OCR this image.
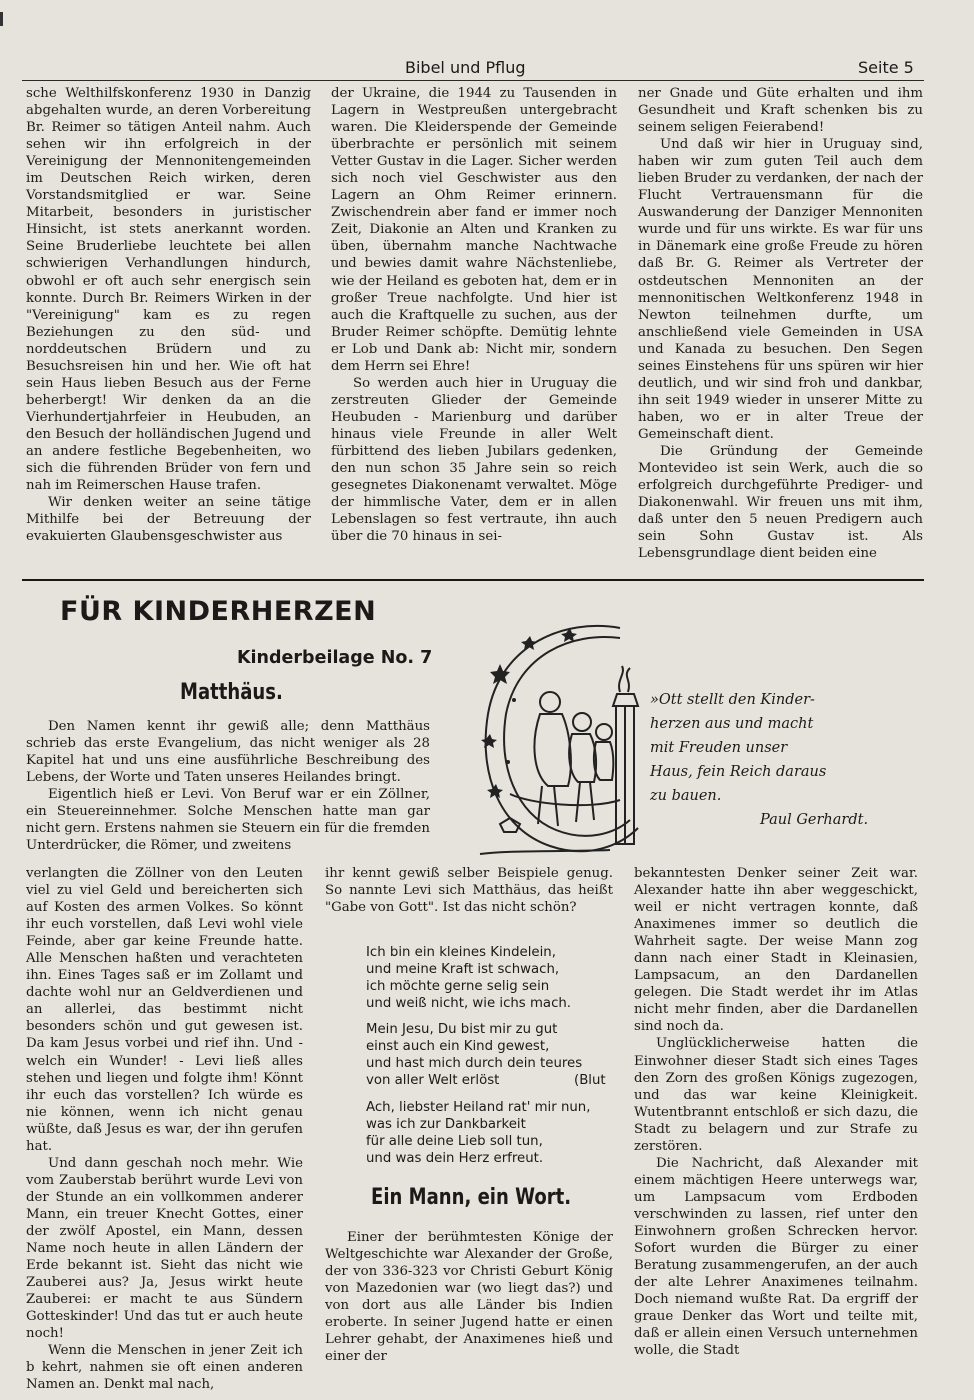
Bibel und Pflug	Seite 5

sche Welthilfskonferenz 1930 in Danzig abgehalten wurde, an deren Vorbereitung Br. Reimer so tätigen Anteil nahm. Auch sehen wir ihn erfolgreich in der Vereinigung der Mennonitengemeinden im Deutschen Reich wirken, deren Vorstandsmitglied er war. Seine Mitarbeit, besonders in juristischer Hinsicht, ist stets anerkannt worden. Seine Bruderliebe leuchtete bei allen schwierigen Verhandlungen hindurch, obwohl er oft auch sehr energisch sein konnte. Durch Br. Reimers Wirken in der "Vereinigung" kam es zu regen Beziehungen zu den süd- und norddeutschen Brüdern und zu Besuchsreisen hin und her. Wie oft hat sein Haus lieben Besuch aus der Ferne beherbergt! Wir denken da an die Vierhundertjahrfeier in Heubuden, an den Besuch der holländischen Jugend und an andere festliche Begebenheiten, wo sich die führenden Brüder von fern und nah im Reimerschen Hause trafen.

Wir denken weiter an seine tätige Mithilfe bei der Betreuung der evakuierten Glaubensgeschwister aus

der Ukraine, die 1944 zu Tausenden in Lagern in Westpreußen untergebracht waren. Die Kleiderspende der Gemeinde überbrachte er persönlich mit seinem Vetter Gustav in die Lager. Sicher werden sich noch viel Geschwister aus den Lagern an Ohm Reimer erinnern. Zwischendrein aber fand er immer noch Zeit, Diakonie an Alten und Kranken zu üben, übernahm manche Nachtwache und bewies damit wahre Nächstenliebe, wie der Heiland es geboten hat, dem er in großer Treue nachfolgte. Und hier ist auch die Kraftquelle zu suchen, aus der Bruder Reimer schöpfte. Demütig lehnte er Lob und Dank ab: Nicht mir, sondern dem Herrn sei Ehre!

So werden auch hier in Uruguay die zerstreuten Glieder der Gemeinde Heubuden - Marienburg und darüber hinaus viele Freunde in aller Welt fürbittend des lieben Jubilars gedenken, den nun schon 35 Jahre sein so reich gesegnetes Diakonenamt verwaltet. Möge der himmlische Vater, dem er in allen Lebenslagen so fest vertraute, ihn auch über die 70 hinaus in sei-

ner Gnade und Güte erhalten und ihm Gesundheit und Kraft schenken bis zu seinem seligen Feierabend!

Und daß wir hier in Uruguay sind, haben wir zum guten Teil auch dem lieben Bruder zu verdanken, der nach der Flucht Vertrauensmann für die Auswanderung der Danziger Mennoniten wurde und für uns wirkte. Es war für uns in Dänemark eine große Freude zu hören daß Br. G. Reimer als Vertreter der ostdeutschen Mennoniten an der mennonitischen Weltkonferenz 1948 in Newton teilnehmen durfte, um anschließend viele Gemeinden in USA und Kanada zu besuchen. Den Segen seines Einstehens für uns spüren wir hier deutlich, und wir sind froh und dankbar, ihn seit 1949 wieder in unserer Mitte zu haben, wo er in alter Treue der Gemeinschaft dient.

Die Gründung der Gemeinde Montevideo ist sein Werk, auch die so erfolgreich durchgeführte Prediger- und Diakonenwahl. Wir freuen uns mit ihm, daß unter den 5 neuen Predigern auch sein Sohn Gustav ist. Als Lebensgrundlage dient beiden eine

FÜR KINDERHERZEN
Kinderbeilage No. 7
Matthäus.

Den Namen kennt ihr gewiß alle; denn Matthäus schrieb das erste Evangelium, das nicht weniger als 28 Kapitel hat und uns eine ausführliche Beschreibung des Lebens, der Worte und Taten unseres Heilandes bringt.

Eigentlich hieß er Levi. Von Beruf war er ein Zöllner, ein Steuereinnehmer. Solche Menschen hatte man gar nicht gern. Erstens nahmen sie Steuern ein für die fremden Unterdrücker, die Römer, und zweitens

verlangten die Zöllner von den Leuten viel zu viel Geld und bereicherten sich auf Kosten des armen Volkes. So könnt ihr euch vorstellen, daß Levi wohl viele Feinde, aber gar keine Freunde hatte. Alle Menschen haßten und verachteten ihn. Eines Tages saß er im Zollamt und dachte wohl nur an Geldverdienen und an allerlei, das bestimmt nicht besonders schön und gut gewesen ist. Da kam Jesus vorbei und rief ihn. Und - welch ein Wunder! - Levi ließ alles stehen und liegen und folgte ihm! Könnt ihr euch das vorstellen? Ich würde es nie können, wenn ich nicht genau wüßte, daß Jesus es war, der ihn gerufen hat.

Und dann geschah noch mehr. Wie vom Zauberstab berührt wurde Levi von der Stunde an ein vollkommen anderer Mann, ein treuer Knecht Gottes, einer der zwölf Apostel, ein Mann, dessen Name noch heute in allen Ländern der Erde bekannt ist. Sieht das nicht wie Zauberei aus? Ja, Jesus wirkt heute Zauberei: er macht te aus Sündern Gotteskinder! Und das tut er auch heute noch!

Wenn die Menschen in jener Zeit ich b kehrt, nahmen sie oft einen anderen Namen an. Denkt mal nach,

ihr kennt gewiß selber Beispiele genug. So nannte Levi sich Matthäus, das heißt "Gabe von Gott". Ist das nicht schön?

Ich bin ein kleines Kindelein,
und meine Kraft ist schwach,
ich möchte gerne selig sein
und weiß nicht, wie ichs mach.
Mein Jesu, Du bist mir zu gut
einst auch ein Kind gewest,
und hast mich durch dein teures
von aller Welt erlöst	(Blut
Ach, liebster Heiland rat' mir nun,
was ich zur Dankbarkeit
für alle deine Lieb soll tun,
und was dein Herz erfreut.
Ein Mann, ein Wort.

Einer der berühmtesten Könige der Weltgeschichte war Alexander der Große, der von 336-323 vor Christi Geburt König von Mazedonien war (wo liegt das?) und von dort aus alle Länder bis Indien eroberte. In seiner Jugend hatte er einen Lehrer gehabt, der Anaximenes hieß und einer der

bekanntesten Denker seiner Zeit war. Alexander hatte ihn aber weggeschickt, weil er nicht vertragen konnte, daß Anaximenes immer so deutlich die Wahrheit sagte. Der weise Mann zog dann nach einer Stadt in Kleinasien, Lampsacum, an den Dardanellen gelegen. Die Stadt werdet ihr im Atlas nicht mehr finden, aber die Dardanellen sind noch da.

Unglücklicherweise hatten die Einwohner dieser Stadt sich eines Tages den Zorn des großen Königs zugezogen, und das war keine Kleinigkeit. Wutentbrannt entschloß er sich dazu, die Stadt zu belagern und zur Strafe zu zerstören.

Die Nachricht, daß Alexander mit einem mächtigen Heere unterwegs war, um Lampsacum vom Erdboden verschwinden zu lassen, rief unter den Einwohnern großen Schrecken hervor. Sofort wurden die Bürger zu einer Beratung zusammengerufen, an der auch der alte Lehrer Anaximenes teilnahm. Doch niemand wußte Rat. Da ergriff der graue Denker das Wort und teilte mit, daß er allein einen Versuch unternehmen wolle, die Stadt

»Ott stellt den Kinder-
herzen aus und macht
mit Freuden unser
Haus, fein Reich daraus
zu bauen.
Paul Gerhardt.
